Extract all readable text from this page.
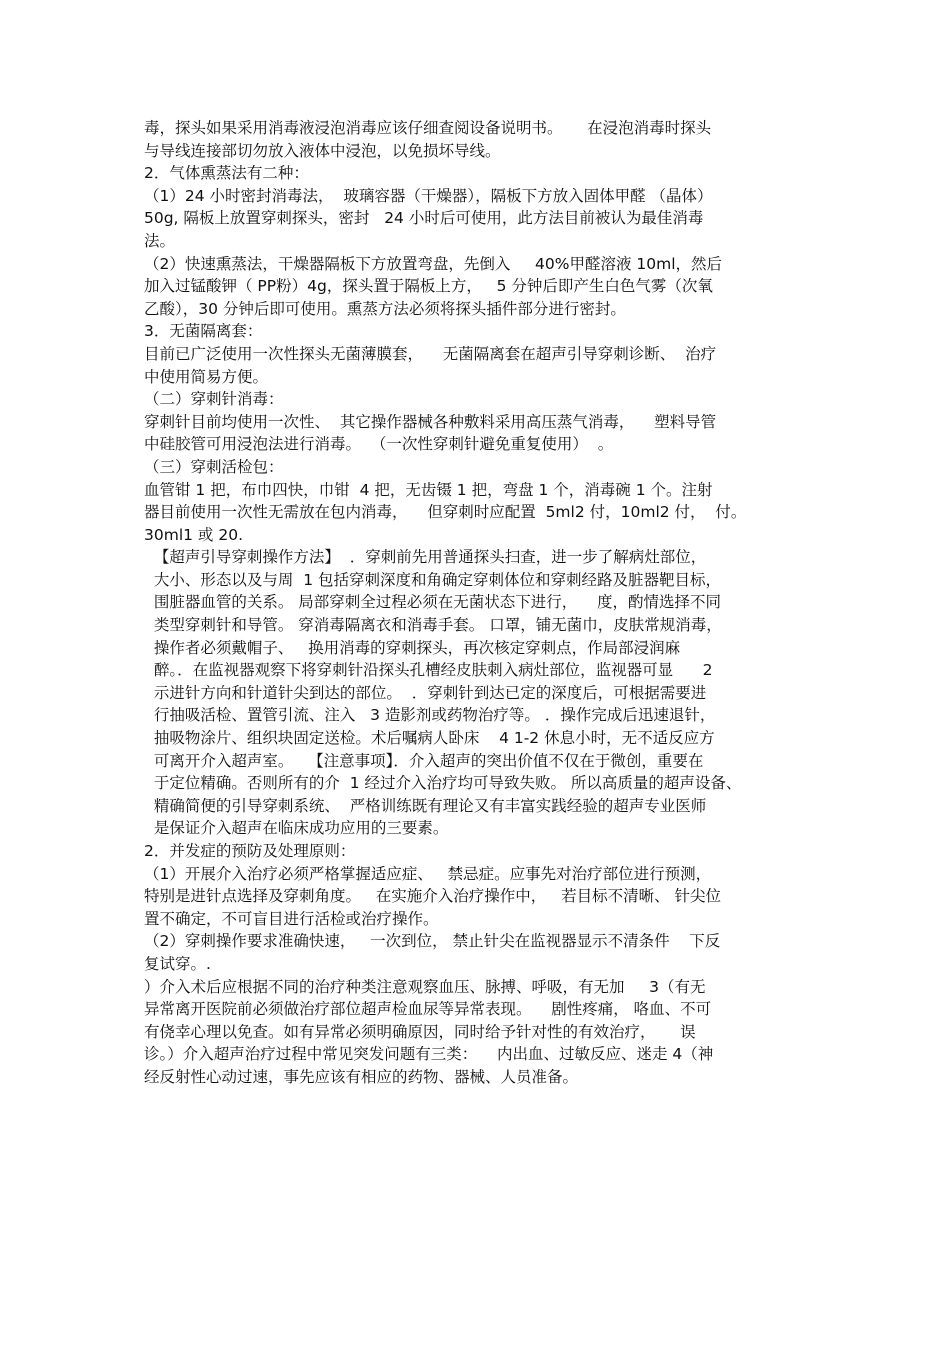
毒，探头如果采用消毒液浸泡消毒应该仔细查阅设备说明书。     在浸泡消毒时探头
与导线连接部切勿放入液体中浸泡，以免损坏导线。
2．气体熏蒸法有二种：
（1）24 小时密封消毒法，  玻璃容器（干燥器），隔板下方放入固体甲醛 （晶体）
50g, 隔板上放置穿刺探头，密封   24 小时后可使用，此方法目前被认为最佳消毒
法。
（2）快速熏蒸法，干燥器隔板下方放置弯盘，先倒入     40%甲醛溶液 10ml，然后
加入过锰酸钾（ PP粉）4g，探头置于隔板上方，   5 分钟后即产生白色气雾（次氧
乙酸），30 分钟后即可使用。熏蒸方法必须将探头插件部分进行密封。
3．无菌隔离套：
目前已广泛使用一次性探头无菌薄膜套，    无菌隔离套在超声引导穿刺诊断、  治疗
中使用简易方便。
（二）穿刺针消毒：
穿刺针目前均使用一次性、  其它操作器械各种敷料采用高压蒸气消毒，    塑料导管
中硅胶管可用浸泡法进行消毒。  （一次性穿刺针避免重复使用）  。
（三）穿刺活检包：
血管钳 1 把，布巾四快，巾钳  4 把，无齿镊 1 把，弯盘 1 个，消毒碗 1 个。注射
器目前使用一次性无需放在包内消毒，    但穿刺时应配置  5ml2 付，10ml2 付，  付。
30ml1 或 20.
【超声引导穿刺操作方法】  ．穿刺前先用普通探头扫查，进一步了解病灶部位，
大小、形态以及与周  1 包括穿刺深度和角确定穿刺体位和穿刺经路及脏器靶目标，
围脏器血管的关系。 局部穿刺全过程必须在无菌状态下进行，    度，酌情选择不同
类型穿刺针和导管。 穿消毒隔离衣和消毒手套。 口罩，铺无菌巾，皮肤常规消毒，
操作者必须戴帽子、   换用消毒的穿刺探头，再次核定穿刺点，作局部浸润麻
醉。．在监视器观察下将穿刺针沿探头孔槽经皮肤刺入病灶部位，监视器可显      2
示进针方向和针道针尖到达的部位。  ．穿刺针到达已定的深度后，可根据需要进
行抽吸活检、置管引流、注入   3 造影剂或药物治疗等。 ．操作完成后迅速退针，
抽吸物涂片、组织块固定送检。术后嘱病人卧床    4 1-2 休息小时，无不适反应方
可离开介入超声室。   【注意事项】．介入超声的突出价值不仅在于微创，重要在
于定位精确。否则所有的介  1 经过介入治疗均可导致失败。 所以高质量的超声设备、
精确简便的引导穿刺系统、  严格训练既有理论又有丰富实践经验的超声专业医师
是保证介入超声在临床成功应用的三要素。
2．并发症的预防及处理原则：
（1）开展介入治疗必须严格掌握适应症、   禁忌症。应事先对治疗部位进行预测，
特别是进针点选择及穿刺角度。   在实施介入治疗操作中，   若目标不清晰、 针尖位
置不确定，不可盲目进行活检或治疗操作。
（2）穿刺操作要求准确快速，   一次到位， 禁止针尖在监视器显示不清条件    下反
复试穿。.
）介入术后应根据不同的治疗种类注意观察血压、脉搏、呼吸，有无加     3（有无
异常离开医院前必须做治疗部位超声检血尿等异常表现。    剧性疼痛， 咯血、不可
有侥幸心理以免查。如有异常必须明确原因，同时给予针对性的有效治疗，     误
诊。）介入超声治疗过程中常见突发问题有三类：    内出血、过敏反应、迷走 4（神
经反射性心动过速，事先应该有相应的药物、器械、人员准备。
